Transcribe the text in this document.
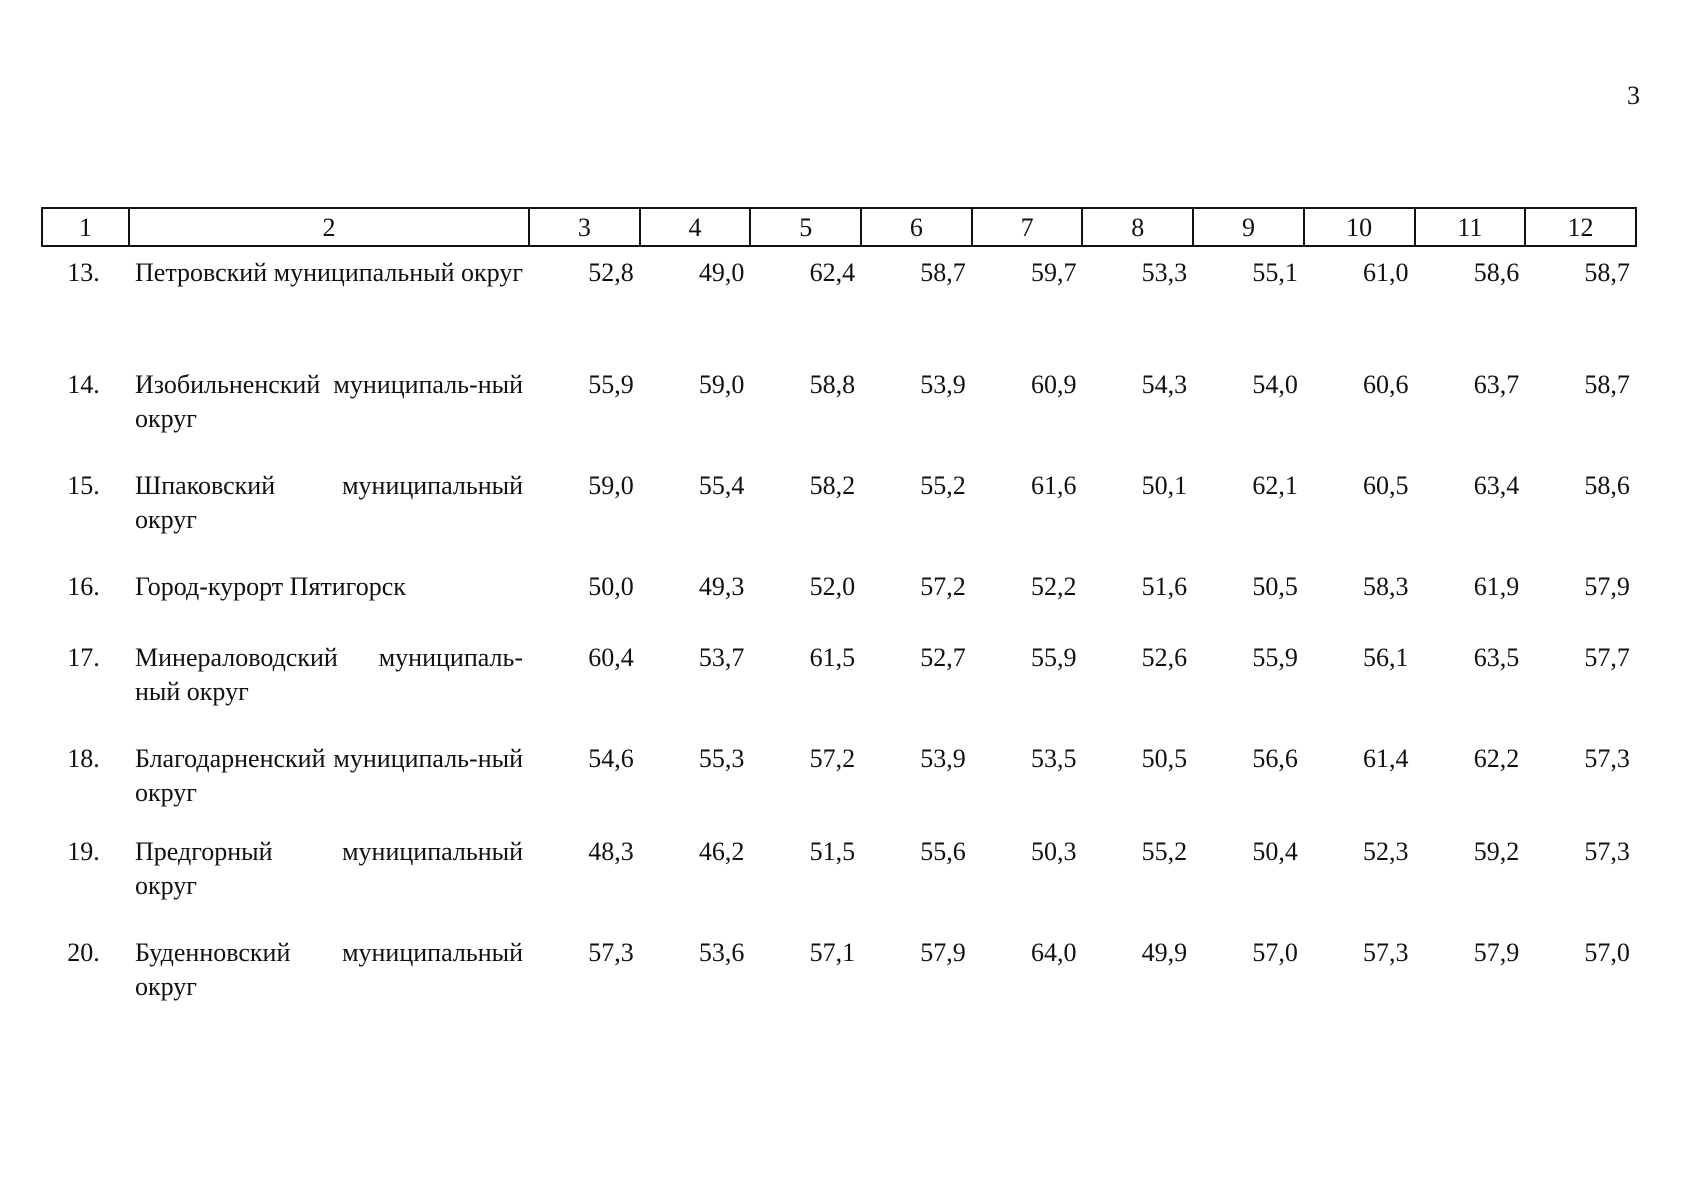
3
1	2	3	4	5	6	7	8	9	10	11	12
13.	Петровский муниципальный округ	52,8	49,0	62,4	58,7	59,7	53,3	55,1	61,0	58,6	58,7
14.	Изобильненский муниципаль-ный округ	55,9	59,0	58,8	53,9	60,9	54,3	54,0	60,6	63,7	58,7
15.	Шпаковский муниципальный округ	59,0	55,4	58,2	55,2	61,6	50,1	62,1	60,5	63,4	58,6
16.	Город-курорт Пятигорск	50,0	49,3	52,0	57,2	52,2	51,6	50,5	58,3	61,9	57,9
17.	Минераловодский муниципаль-ный округ	60,4	53,7	61,5	52,7	55,9	52,6	55,9	56,1	63,5	57,7
18.	Благодарненский муниципаль-ный округ	54,6	55,3	57,2	53,9	53,5	50,5	56,6	61,4	62,2	57,3
19.	Предгорный муниципальный округ	48,3	46,2	51,5	55,6	50,3	55,2	50,4	52,3	59,2	57,3
20.	Буденновский муниципальный округ	57,3	53,6	57,1	57,9	64,0	49,9	57,0	57,3	57,9	57,0
